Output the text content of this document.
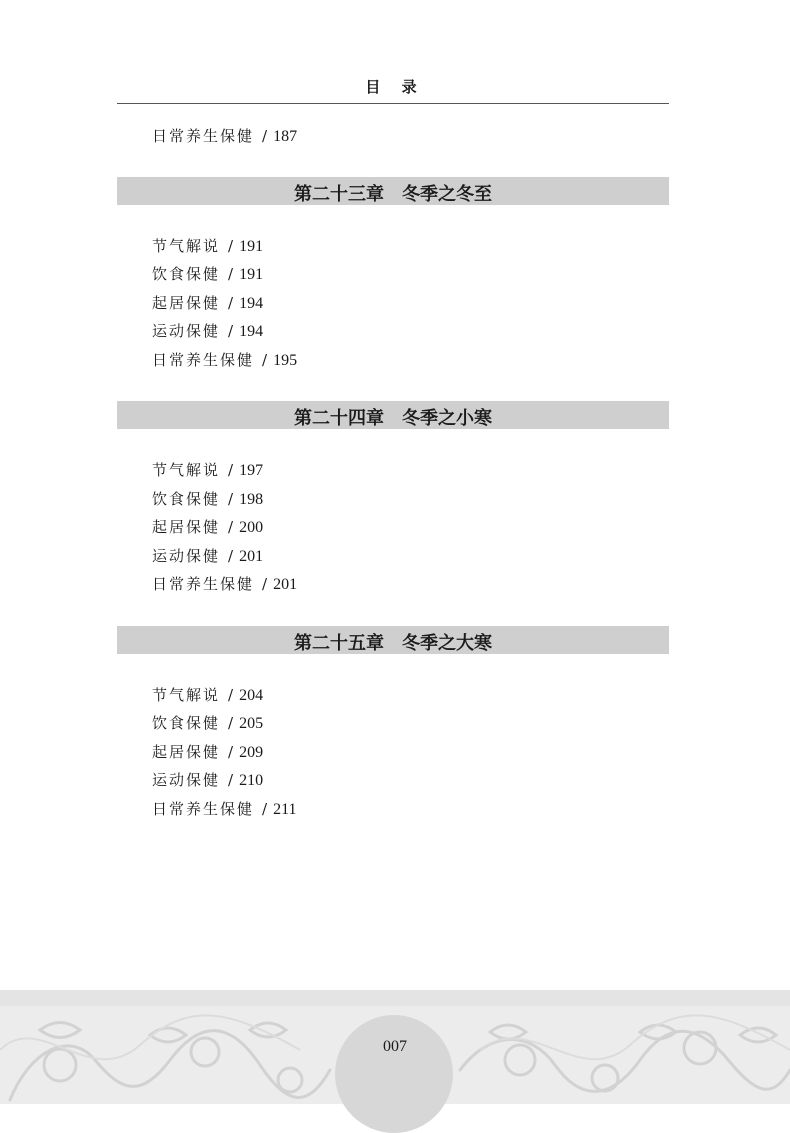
目 录
日常养生保健 / 187
第二十三章　冬季之冬至
节气解说 / 191
饮食保健 / 191
起居保健 / 194
运动保健 / 194
日常养生保健 / 195
第二十四章　冬季之小寒
节气解说 / 197
饮食保健 / 198
起居保健 / 200
运动保健 / 201
日常养生保健 / 201
第二十五章　冬季之大寒
节气解说 / 204
饮食保健 / 205
起居保健 / 209
运动保健 / 210
日常养生保健 / 211
007
